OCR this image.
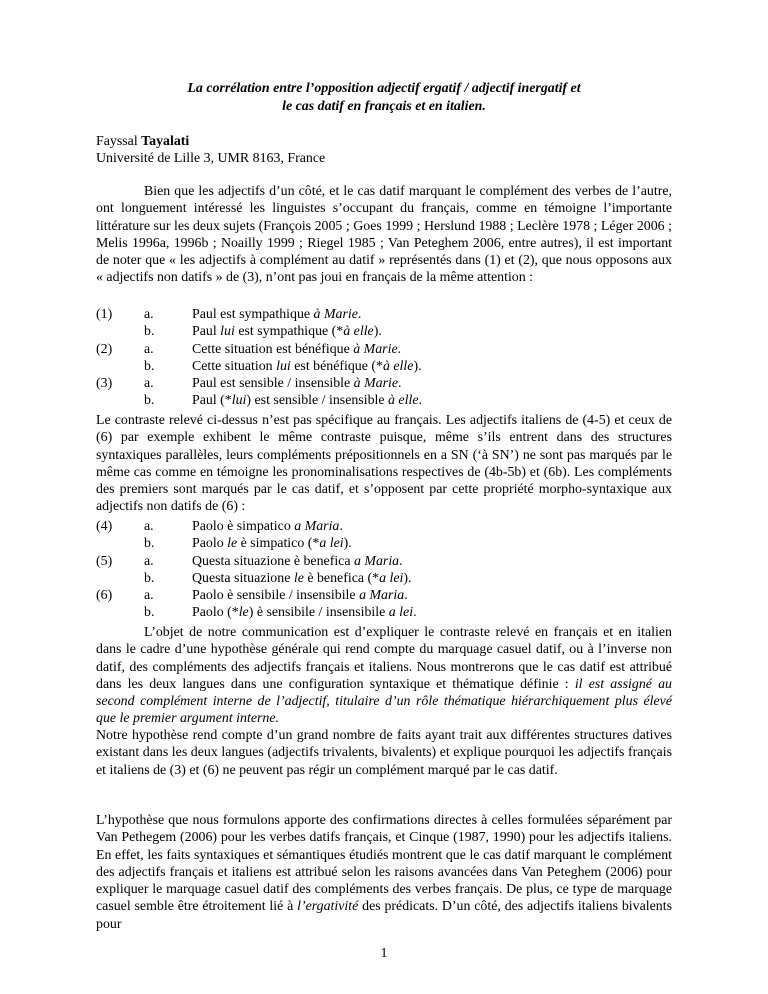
La corrélation entre l’opposition adjectif ergatif / adjectif inergatif et
le cas datif en français et en italien.
Fayssal Tayalati
Université de Lille 3, UMR 8163, France

Bien que les adjectifs d’un côté, et le cas datif marquant le complément des verbes de l’autre, ont longuement intéressé les linguistes s’occupant du français, comme en témoigne l’importante littérature sur les deux sujets (François 2005 ; Goes 1999 ; Herslund 1988 ; Leclère 1978 ; Léger 2006 ; Melis 1996a, 1996b ; Noailly 1999 ; Riegel 1985 ; Van Peteghem 2006, entre autres), il est important de noter que « les adjectifs à complément au datif » représentés dans (1) et (2), que nous opposons aux « adjectifs non datifs » de (3), n’ont pas joui en français de la même attention :

(1) a.	Paul est sympathique à Marie.
b.	Paul lui est sympathique (*à elle).
(2) a.	Cette situation est bénéfique à Marie.
b.	Cette situation lui est bénéfique (*à elle).
(3) a.	Paul est sensible / insensible à Marie.
b.	Paul (*lui) est sensible / insensible à elle.

Le contraste relevé ci-dessus n’est pas spécifique au français. Les adjectifs italiens de (4-5) et ceux de (6) par exemple exhibent le même contraste puisque, même s’ils entrent dans des structures syntaxiques parallèles, leurs compléments prépositionnels en a SN (‘à SN’) ne sont pas marqués par le même cas comme en témoigne les pronominalisations respectives de (4b-5b) et (6b). Les compléments des premiers sont marqués par le cas datif, et s’opposent par cette propriété morpho-syntaxique aux adjectifs non datifs de (6) :

(4) a.	Paolo è simpatico a Maria.
b.	Paolo le è simpatico (*a lei).
(5) a.	Questa situazione è benefica a Maria.
b.	Questa situazione le è benefica (*a lei).
(6) a.	Paolo è sensibile / insensibile a Maria.
b.	Paolo (*le) è sensibile / insensibile a lei.

L’objet de notre communication est d’expliquer le contraste relevé en français et en italien dans le cadre d’une hypothèse générale qui rend compte du marquage casuel datif, ou à l’inverse non datif, des compléments des adjectifs français et italiens. Nous montrerons que le cas datif est attribué dans les deux langues dans une configuration syntaxique et thématique définie : il est assigné au second complément interne de l’adjectif, titulaire d’un rôle thématique hiérarchiquement plus élevé que le premier argument interne.

Notre hypothèse rend compte d’un grand nombre de faits ayant trait aux différentes structures datives existant dans les deux langues (adjectifs trivalents, bivalents) et explique pourquoi les adjectifs français et italiens de (3) et (6) ne peuvent pas régir un complément marqué par le cas datif.

L’hypothèse que nous formulons apporte des confirmations directes à celles formulées séparément par Van Pethegem (2006) pour les verbes datifs français, et Cinque (1987, 1990) pour les adjectifs italiens. En effet, les faits syntaxiques et sémantiques étudiés montrent que le cas datif marquant le complément des adjectifs français et italiens est attribué selon les raisons avancées dans Van Peteghem (2006) pour expliquer le marquage casuel datif des compléments des verbes français. De plus, ce type de marquage casuel semble être étroitement lié à l’ergativité des prédicats. D’un côté, des adjectifs italiens bivalents pour

1
